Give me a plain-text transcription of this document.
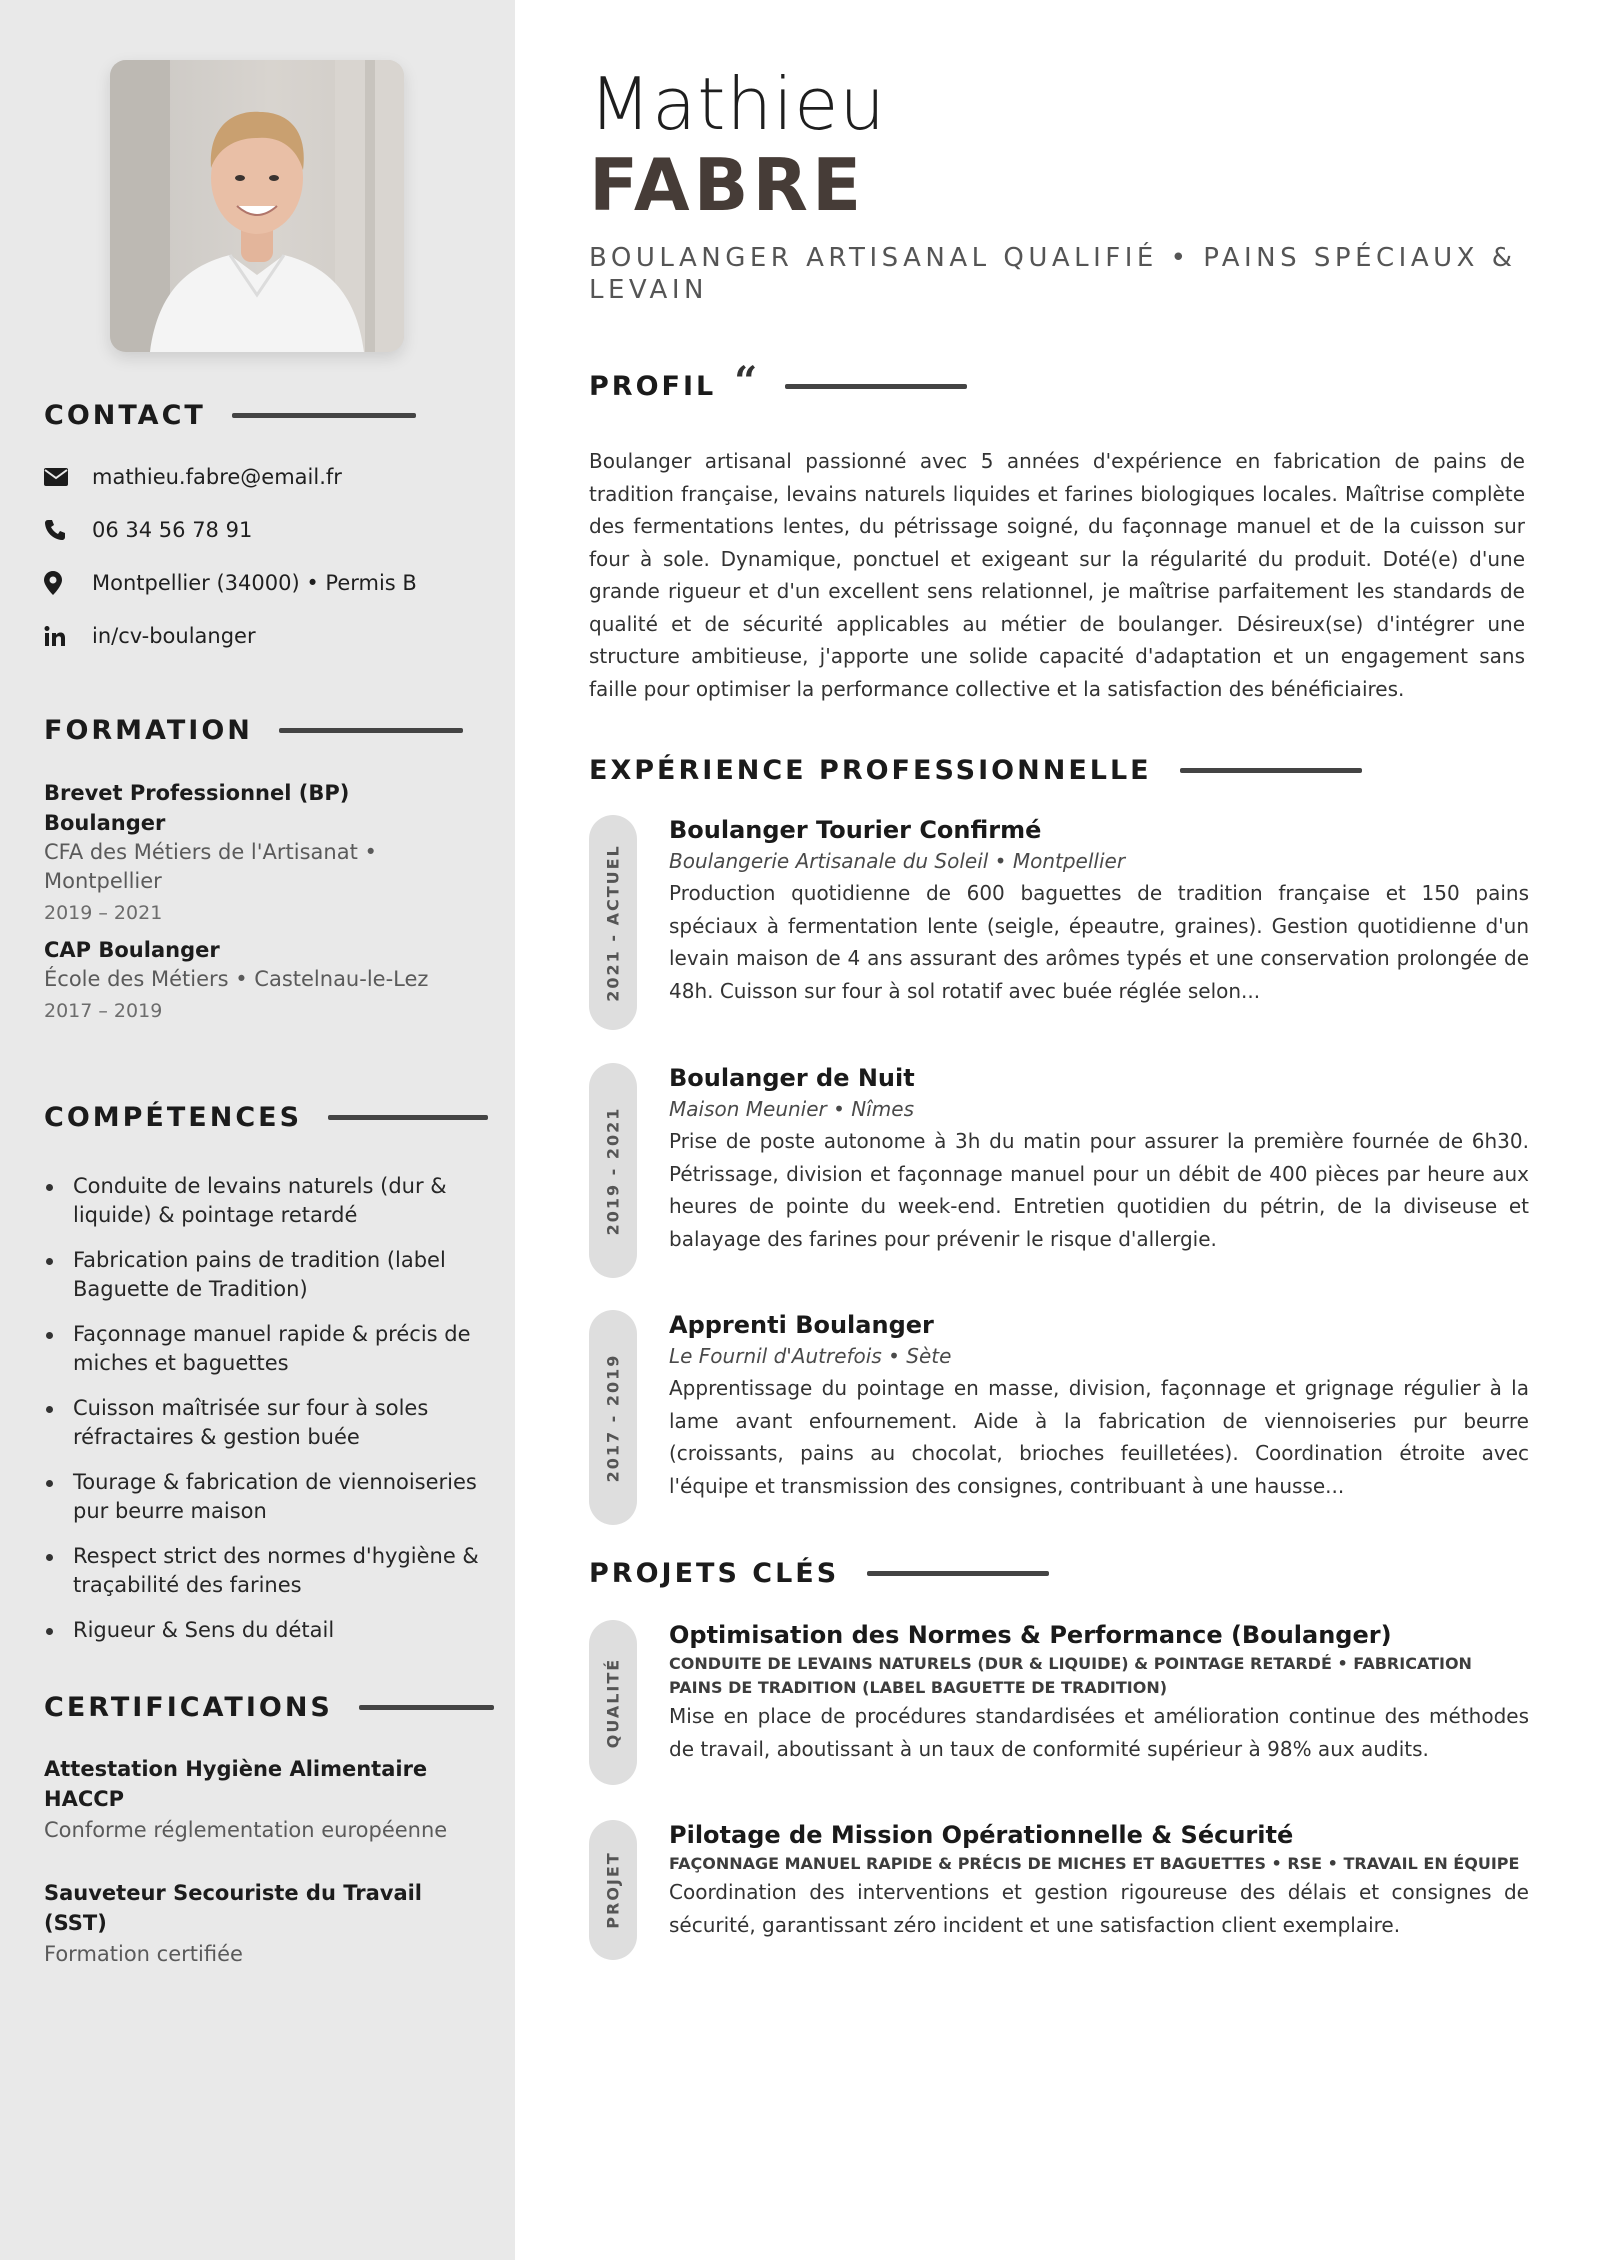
CONTACT
mathieu.fabre@email.fr
06 34 56 78 91
Montpellier (34000) • Permis B
in/cv-boulanger
FORMATION
Brevet Professionnel (BP) Boulanger
CFA des Métiers de l'Artisanat • Montpellier
2019 – 2021
CAP Boulanger
École des Métiers • Castelnau-le-Lez
2017 – 2019
COMPÉTENCES
Conduite de levains naturels (dur & liquide) & pointage retardé
Fabrication pains de tradition (label Baguette de Tradition)
Façonnage manuel rapide & précis de miches et baguettes
Cuisson maîtrisée sur four à soles réfractaires & gestion buée
Tourage & fabrication de viennoiseries pur beurre maison
Respect strict des normes d'hygiène & traçabilité des farines
Rigueur & Sens du détail
CERTIFICATIONS
Attestation Hygiène Alimentaire HACCP
Conforme réglementation européenne
Sauveteur Secouriste du Travail (SST)
Formation certifiée
Mathieu
FABRE
BOULANGER ARTISANAL QUALIFIÉ • PAINS SPÉCIAUX & LEVAIN
PROFIL “
Boulanger artisanal passionné avec 5 années d'expérience en fabrication de pains de tradition française, levains naturels liquides et farines biologiques locales. Maîtrise complète des fermentations lentes, du pétrissage soigné, du façonnage manuel et de la cuisson sur four à sole. Dynamique, ponctuel et exigeant sur la régularité du produit. Doté(e) d'une grande rigueur et d'un excellent sens relationnel, je maîtrise parfaitement les standards de qualité et de sécurité applicables au métier de boulanger. Désireux(se) d'intégrer une structure ambitieuse, j'apporte une solide capacité d'adaptation et un engagement sans faille pour optimiser la performance collective et la satisfaction des bénéficiaires.
EXPÉRIENCE PROFESSIONNELLE
2021 - ACTUEL
Boulanger Tourier Confirmé
Boulangerie Artisanale du Soleil • Montpellier
Production quotidienne de 600 baguettes de tradition française et 150 pains spéciaux à fermentation lente (seigle, épeautre, graines). Gestion quotidienne d'un levain maison de 4 ans assurant des arômes typés et une conservation prolongée de 48h. Cuisson sur four à sol rotatif avec buée réglée selon...
2019 - 2021
Boulanger de Nuit
Maison Meunier • Nîmes
Prise de poste autonome à 3h du matin pour assurer la première fournée de 6h30. Pétrissage, division et façonnage manuel pour un débit de 400 pièces par heure aux heures de pointe du week-end. Entretien quotidien du pétrin, de la diviseuse et balayage des farines pour prévenir le risque d'allergie.
2017 - 2019
Apprenti Boulanger
Le Fournil d'Autrefois • Sète
Apprentissage du pointage en masse, division, façonnage et grignage régulier à la lame avant enfournement. Aide à la fabrication de viennoiseries pur beurre (croissants, pains au chocolat, brioches feuilletées). Coordination étroite avec l'équipe et transmission des consignes, contribuant à une hausse...
PROJETS CLÉS
QUALITÉ
Optimisation des Normes & Performance (Boulanger)
CONDUITE DE LEVAINS NATURELS (DUR & LIQUIDE) & POINTAGE RETARDÉ • FABRICATION PAINS DE TRADITION (LABEL BAGUETTE DE TRADITION)
Mise en place de procédures standardisées et amélioration continue des méthodes de travail, aboutissant à un taux de conformité supérieur à 98% aux audits.
PROJET
Pilotage de Mission Opérationnelle & Sécurité
FAÇONNAGE MANUEL RAPIDE & PRÉCIS DE MICHES ET BAGUETTES • RSE • TRAVAIL EN ÉQUIPE
Coordination des interventions et gestion rigoureuse des délais et consignes de sécurité, garantissant zéro incident et une satisfaction client exemplaire.
